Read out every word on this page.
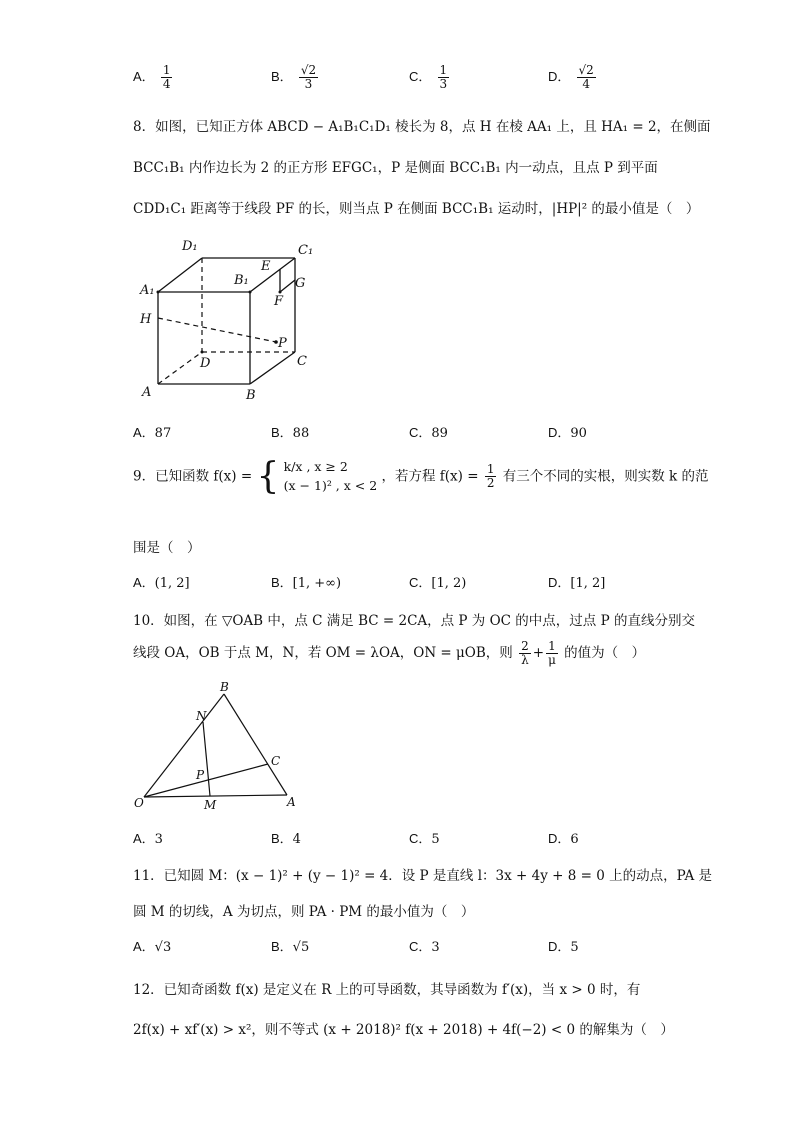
A． $\frac{1}{4}$	B． $\frac{√2}{3}$	C． $\frac{1}{3}$	D． $\frac{√2}{4}$
8．如图，已知正方体 ABCD − A₁B₁C₁D₁ 棱长为 8，点 H 在棱 AA₁ 上，且 HA₁ = 2，在侧面
BCC₁B₁ 内作边长为 2 的正方形 EFGC₁，P 是侧面 BCC₁B₁ 内一动点，且点 P 到平面
CDD₁C₁ 距离等于线段 PF 的长，则当点 P 在侧面 BCC₁B₁ 运动时，|HP|² 的最小值是（　）
D₁	C₁
A₁
B₁
E
G
F
H
P
D	C
A	B
A．87	B．88	C．89	D．90
9．已知函数 f(x) = { k/x , x ≥ 2
(x − 1)² , x < 2
，若方程 $f(x) = \frac{1}{2}$ 有三个不同的实根，则实数 k 的范
围是（　）
A．(1, 2]	B．[1, +∞)	C．[1, 2)	D．[1, 2]
10．如图，在 ▽OAB 中，点 C 满足 BC = 2CA，点 P 为 OC 的中点，过点 P 的直线分别交
线段 OA，OB 于点 M，N，若 OM = λOA，ON = μOB，则 $\frac{2}{\lambda} + \frac{1}{\mu}$ 的值为（　）
B
N
C
P
O	M	A
A．3	B．4	C．5	D．6
11．已知圆 M：(x − 1)² + (y − 1)² = 4．设 P 是直线 l：3x + 4y + 8 = 0 上的动点，PA 是
圆 M 的切线，A 为切点，则 PA · PM 的最小值为（　）
A．√3	B．√5	C．3	D．5
12．已知奇函数 f(x) 是定义在 R 上的可导函数，其导函数为 f′(x)，当 x > 0 时，有
2f(x) + xf′(x) > x²，则不等式 (x + 2018)² f(x + 2018) + 4f(−2) < 0 的解集为（　）
